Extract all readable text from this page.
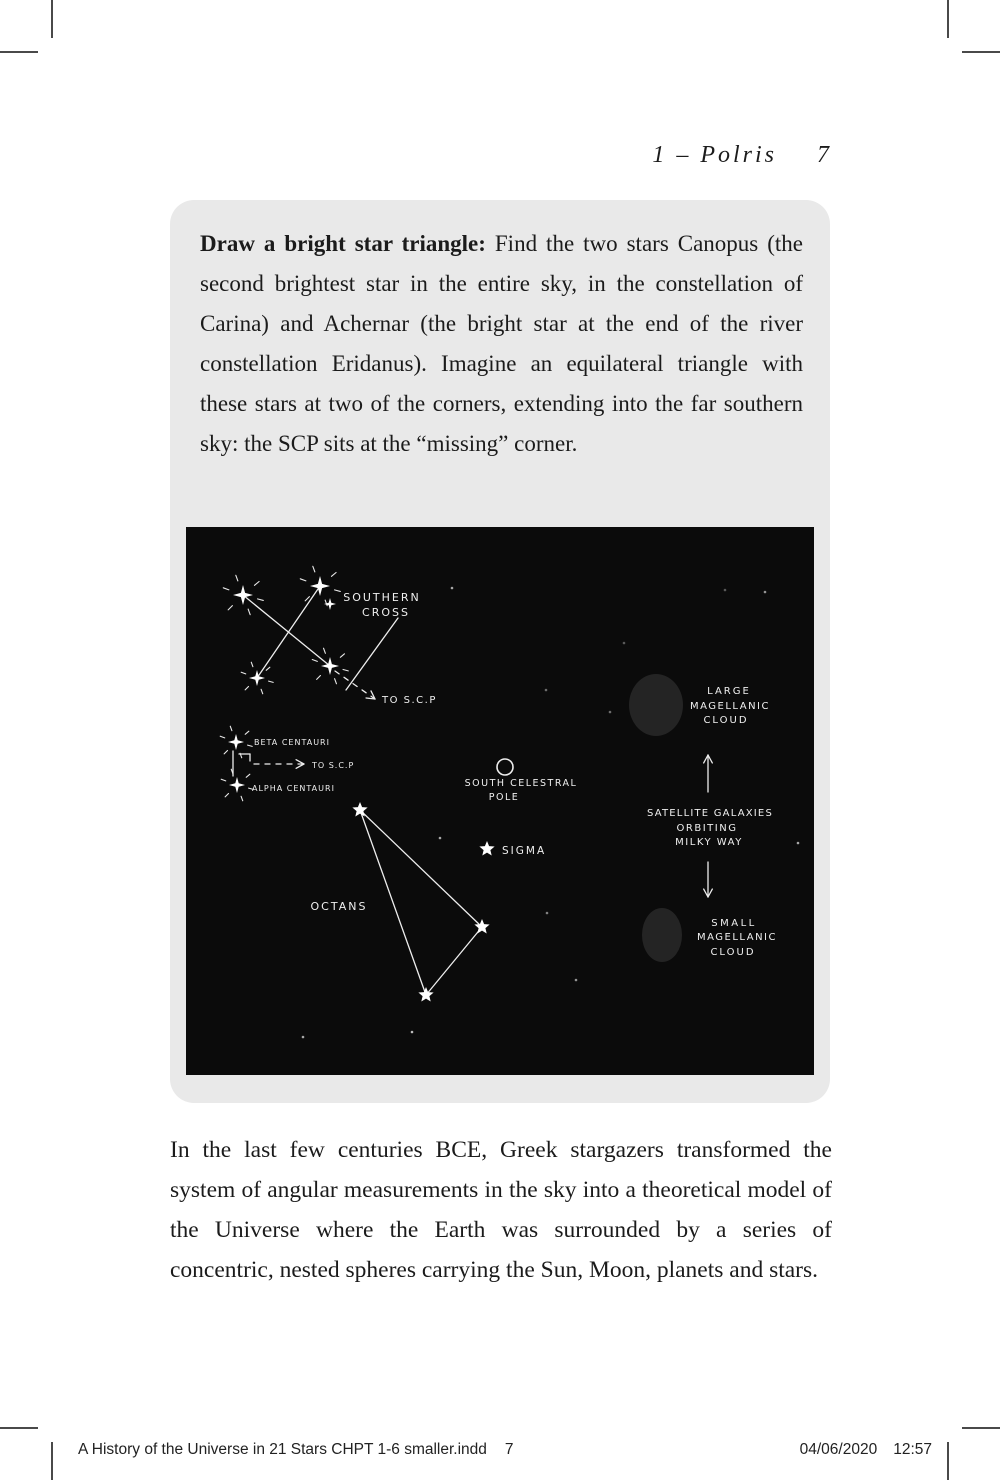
1 – Polris 7

Draw a bright star triangle: Find the two stars Canopus (the second brightest star in the entire sky, in the constellation of Carina) and Achernar (the bright star at the end of the river constellation Eridanus). Imagine an equilateral triangle with these stars at two of the corners, extending into the far southern sky: the SCP sits at the “missing” corner.

SOUTHERN
CROSS
TO S.C.P
BETA CENTAURI
TO S.C.P
ALPHA CENTAURI	SOUTH CELESTRAL
POLE
SIGMA
OCTANS
LARGE
MAGELLANIC
CLOUD
SATELLITE GALAXIES
ORBITING
MILKY WAY
SMALL
MAGELLANIC
CLOUD

In the last few centuries BCE, Greek stargazers transformed the system of angular measurements in the sky into a theoretical model of the Universe where the Earth was surrounded by a series of concentric, nested spheres carrying the Sun, Moon, planets and stars.

A History of the Universe in 21 Stars CHPT 1-6 smaller.indd 7	04/06/2020 12:57
